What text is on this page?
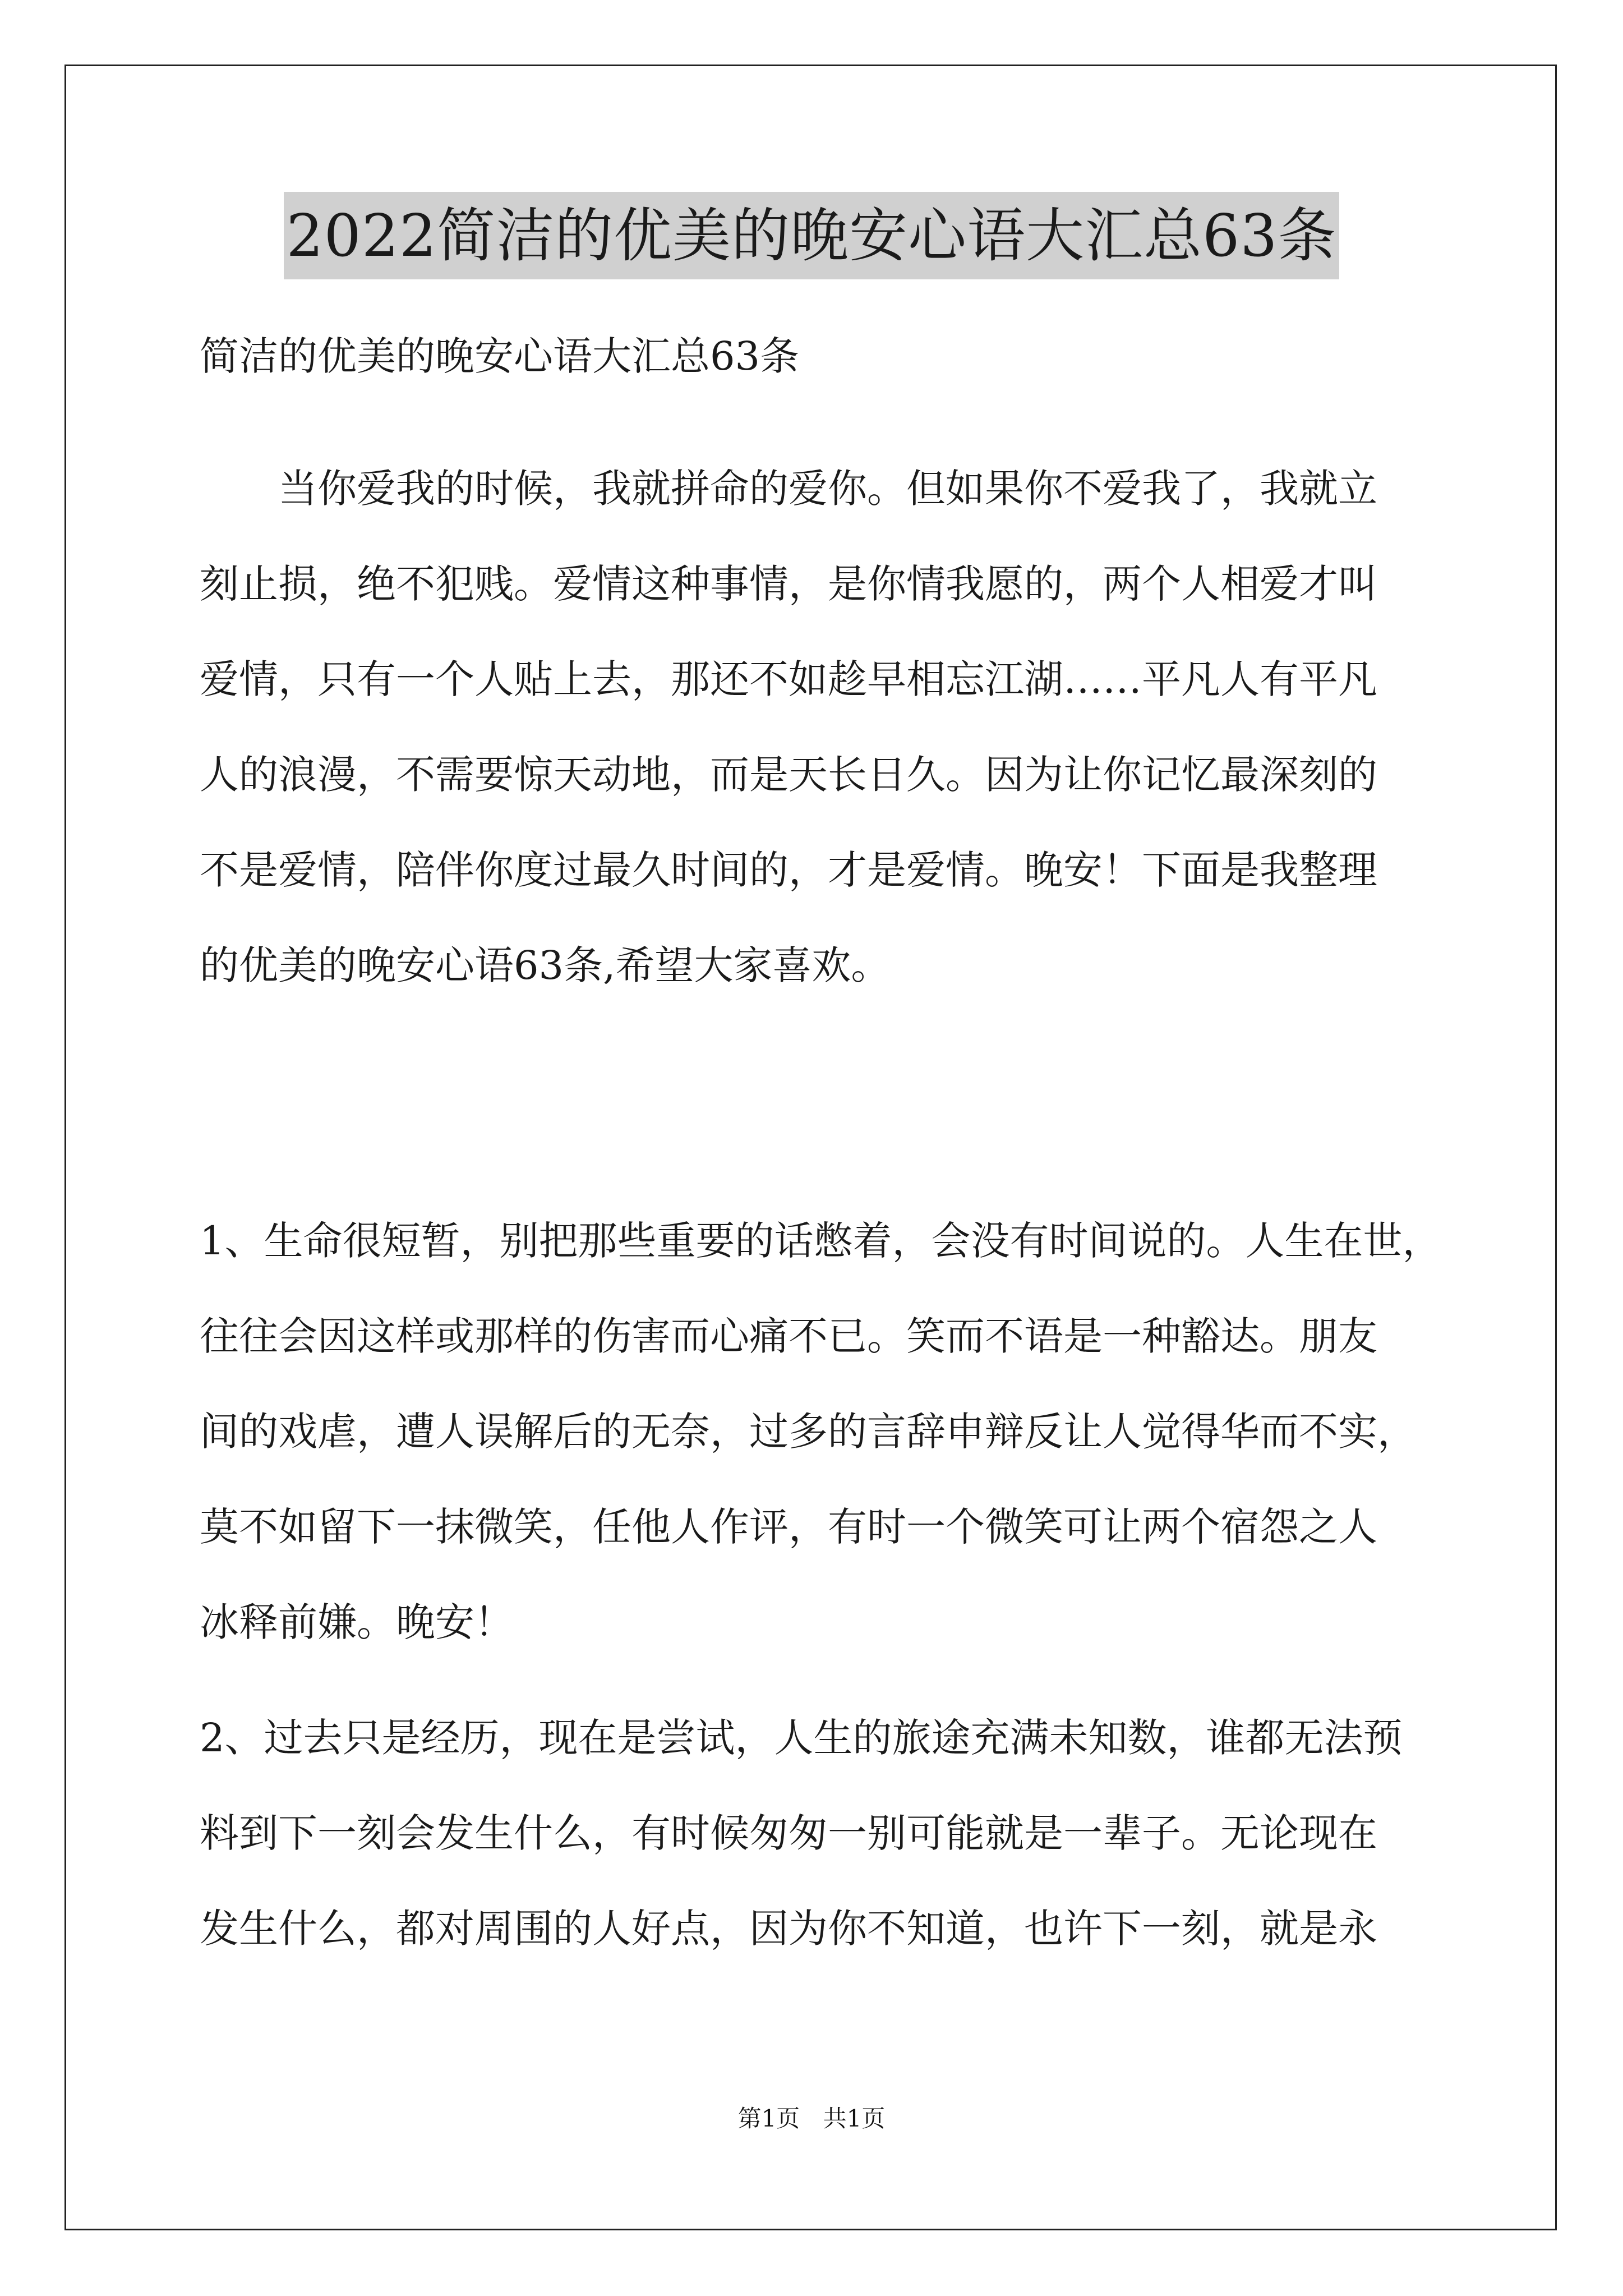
2022简洁的优美的晚安心语大汇总63条

简洁的优美的晚安心语大汇总63条

当你爱我的时候，我就拼命的爱你。但如果你不爱我了，我就立
刻止损，绝不犯贱。爱情这种事情，是你情我愿的，两个人相爱才叫
爱情，只有一个人贴上去，那还不如趁早相忘江湖……平凡人有平凡
人的浪漫，不需要惊天动地，而是天长日久。因为让你记忆最深刻的
不是爱情，陪伴你度过最久时间的，才是爱情。晚安！下面是我整理
的优美的晚安心语63条,希望大家喜欢。

1、生命很短暂，别把那些重要的话憋着，会没有时间说的。人生在世，
往往会因这样或那样的伤害而心痛不已。笑而不语是一种豁达。朋友
间的戏虐，遭人误解后的无奈，过多的言辞申辩反让人觉得华而不实，
莫不如留下一抹微笑，任他人作评，有时一个微笑可让两个宿怨之人
冰释前嫌。晚安！

2、过去只是经历，现在是尝试，人生的旅途充满未知数，谁都无法预
料到下一刻会发生什么，有时候匆匆一别可能就是一辈子。无论现在
发生什么，都对周围的人好点，因为你不知道，也许下一刻，就是永

第1页 共1页
